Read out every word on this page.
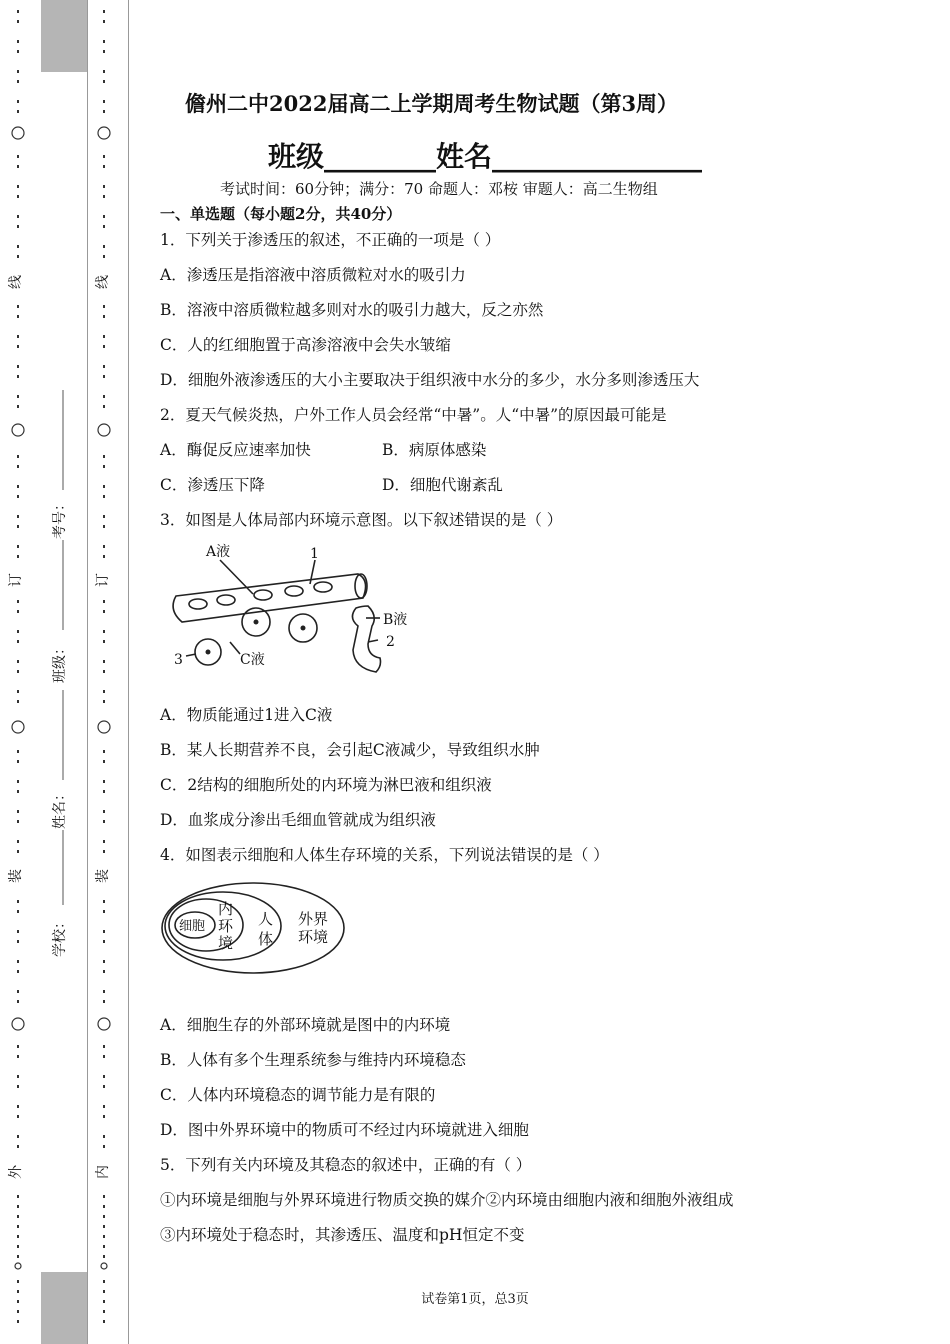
线
订
装
外
线
订
装
内
考号：
班级：
姓名：
学校：
儋州二中2022届高二上学期周考生物试题（第3周）
班级________姓名_______________
考试时间：60分钟；满分：70 命题人：邓桉 审题人：高二生物组
一、单选题（每小题2分，共40分）
1．下列关于渗透压的叙述，不正确的一项是（ ）
A．渗透压是指溶液中溶质微粒对水的吸引力
B．溶液中溶质微粒越多则对水的吸引力越大，反之亦然
C．人的红细胞置于高渗溶液中会失水皱缩
D．细胞外液渗透压的大小主要取决于组织液中水分的多少，水分多则渗透压大
2．夏天气候炎热，户外工作人员会经常“中暑”。人“中暑”的原因最可能是
A．酶促反应速率加快	B．病原体感染
C．渗透压下降	D．细胞代谢紊乱
3．如图是人体局部内环境示意图。以下叙述错误的是（ ）
A液	1
B液
2
3	C液
A．物质能通过1进入C液
B．某人长期营养不良，会引起C液减少，导致组织水肿
C．2结构的细胞所处的内环境为淋巴液和组织液
D．血浆成分渗出毛细血管就成为组织液
4．如图表示细胞和人体生存环境的关系，下列说法错误的是（ ）
细胞
内
环
境
人
体
外界
环境
A．细胞生存的外部环境就是图中的内环境
B．人体有多个生理系统参与维持内环境稳态
C．人体内环境稳态的调节能力是有限的
D．图中外界环境中的物质可不经过内环境就进入细胞
5．下列有关内环境及其稳态的叙述中，正确的有（ ）
①内环境是细胞与外界环境进行物质交换的媒介②内环境由细胞内液和细胞外液组成
③内环境处于稳态时，其渗透压、温度和pH恒定不变
试卷第1页，总3页
